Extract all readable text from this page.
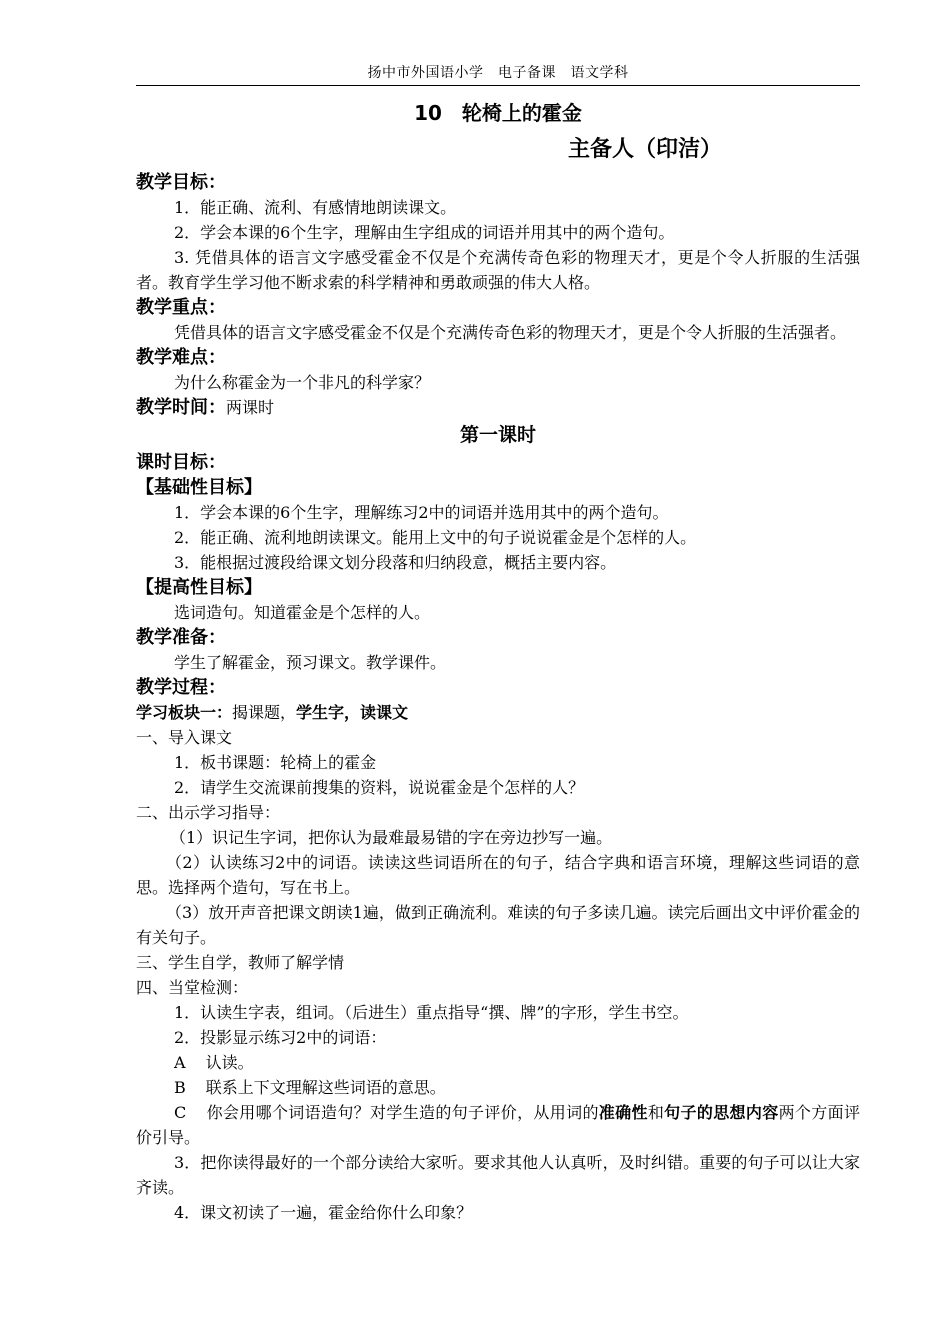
扬中市外国语小学　电子备课　语文学科
10 轮椅上的霍金
主备人（印洁）
教学目标：
1．能正确、流利、有感情地朗读课文。
2．学会本课的6个生字，理解由生字组成的词语并用其中的两个造句。
3. 凭借具体的语言文字感受霍金不仅是个充满传奇色彩的物理天才，更是个令人折服的生活强者。教育学生学习他不断求索的科学精神和勇敢顽强的伟大人格。
教学重点：
凭借具体的语言文字感受霍金不仅是个充满传奇色彩的物理天才，更是个令人折服的生活强者。
教学难点：
为什么称霍金为一个非凡的科学家？
教学时间：两课时
第一课时
课时目标：
【基础性目标】
1．学会本课的6个生字，理解练习2中的词语并选用其中的两个造句。
2．能正确、流利地朗读课文。能用上文中的句子说说霍金是个怎样的人。
3．能根据过渡段给课文划分段落和归纳段意，概括主要内容。
【提高性目标】
选词造句。知道霍金是个怎样的人。
教学准备：
学生了解霍金，预习课文。教学课件。
教学过程：
学习板块一：揭课题，学生字，读课文
一、导入课文
1．板书课题：轮椅上的霍金
2．请学生交流课前搜集的资料，说说霍金是个怎样的人？
二、出示学习指导：
（1）识记生字词，把你认为最难最易错的字在旁边抄写一遍。
（2）认读练习2中的词语。读读这些词语所在的句子，结合字典和语言环境，理解这些词语的意思。选择两个造句，写在书上。
（3）放开声音把课文朗读1遍，做到正确流利。难读的句子多读几遍。读完后画出文中评价霍金的有关句子。
三、学生自学，教师了解学情
四、当堂检测：
1．认读生字表，组词。（后进生）重点指导“撰、牌”的字形，学生书空。
2．投影显示练习2中的词语：
A 认读。
B 联系上下文理解这些词语的意思。
C 你会用哪个词语造句？对学生造的句子评价，从用词的准确性和句子的思想内容两个方面评价引导。
3．把你读得最好的一个部分读给大家听。要求其他人认真听，及时纠错。重要的句子可以让大家齐读。
4．课文初读了一遍，霍金给你什么印象？
